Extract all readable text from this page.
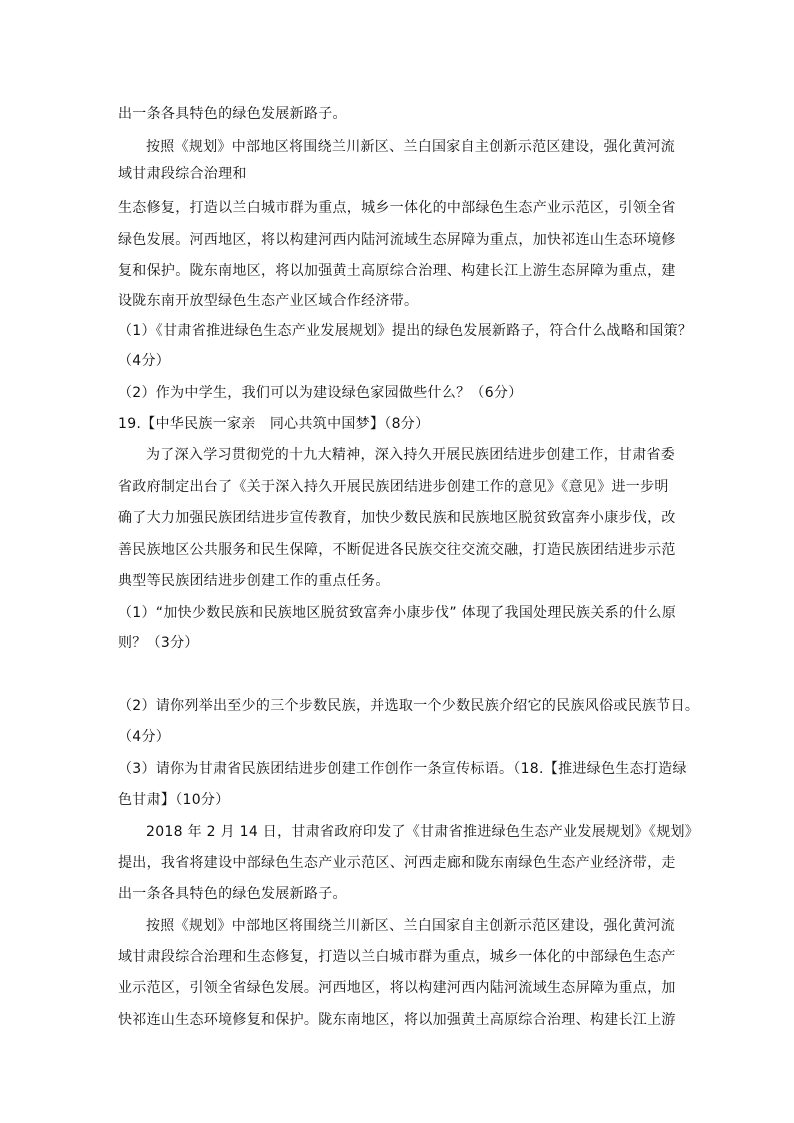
出一条各具特色的绿色发展新路子。
按照《规划》中部地区将围绕兰川新区、兰白国家自主创新示范区建设，强化黄河流
域甘肃段综合治理和
生态修复，打造以兰白城市群为重点，城乡一体化的中部绿色生态产业示范区，引领全省
绿色发展。河西地区，将以构建河西内陆河流域生态屏障为重点，加快祁连山生态环境修
复和保护。陇东南地区，将以加强黄土高原综合治理、构建长江上游生态屏障为重点，建
设陇东南开放型绿色生态产业区域合作经济带。
（1）《甘肃省推进绿色生态产业发展规划》提出的绿色发展新路子，符合什么战略和国策？
（4分）
（2）作为中学生，我们可以为建设绿色家园做些什么？（6分）
19.【中华民族一家亲　同心共筑中国梦】（8分）
为了深入学习贯彻党的十九大精神，深入持久开展民族团结进步创建工作，甘肃省委
省政府制定出台了《关于深入持久开展民族团结进步创建工作的意见》《意见》进一步明
确了大力加强民族团结进步宣传教育，加快少数民族和民族地区脱贫致富奔小康步伐，改
善民族地区公共服务和民生保障，不断促进各民族交往交流交融，打造民族团结进步示范
典型等民族团结进步创建工作的重点任务。
（1）“加快少数民族和民族地区脱贫致富奔小康步伐” 体现了我国处理民族关系的什么原
则？（3分）
（2）请你列举出至少的三个步数民族，并选取一个少数民族介绍它的民族风俗或民族节日。
（4分）
（3）请你为甘肃省民族团结进步创建工作创作一条宣传标语。（18.【推进绿色生态打造绿
色甘肃】（10分）
2018 年 2 月 14 日，甘肃省政府印发了《甘肃省推进绿色生态产业发展规划》《规划》
提出，我省将建设中部绿色生态产业示范区、河西走廊和陇东南绿色生态产业经济带，走
出一条各具特色的绿色发展新路子。
按照《规划》中部地区将围绕兰川新区、兰白国家自主创新示范区建设，强化黄河流
域甘肃段综合治理和生态修复，打造以兰白城市群为重点，城乡一体化的中部绿色生态产
业示范区，引领全省绿色发展。河西地区，将以构建河西内陆河流域生态屏障为重点，加
快祁连山生态环境修复和保护。陇东南地区，将以加强黄土高原综合治理、构建长江上游
